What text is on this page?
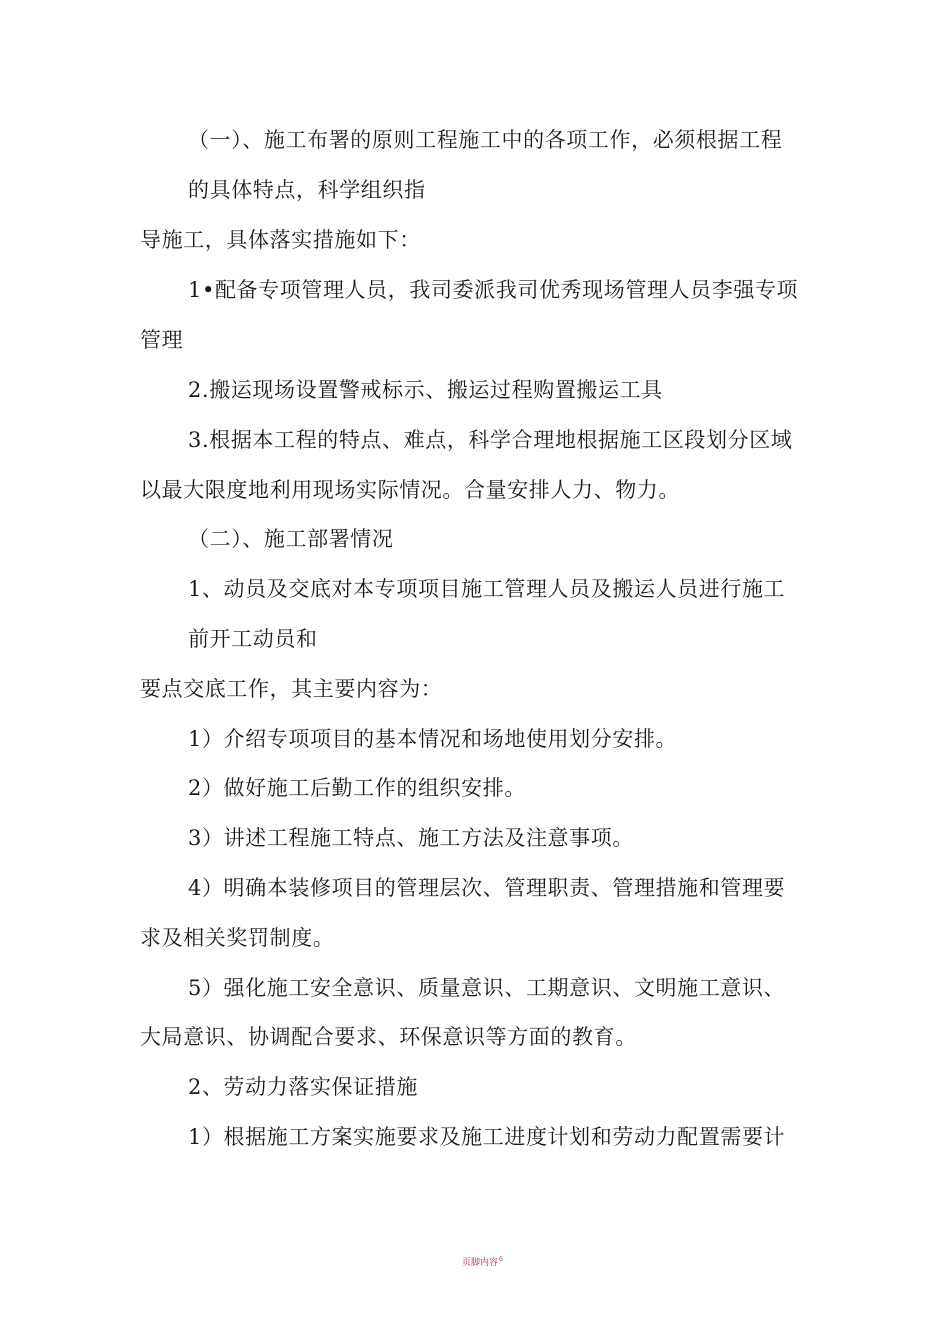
（一）、施工布署的原则工程施工中的各项工作，必须根据工程
的具体特点，科学组织指
导施工，具体落实措施如下：
1•配备专项管理人员，我司委派我司优秀现场管理人员李强专项
管理
2.搬运现场设置警戒标示、搬运过程购置搬运工具
3.根据本工程的特点、难点，科学合理地根据施工区段划分区域
以最大限度地利用现场实际情况。合量安排人力、物力。
（二）、施工部署情况
1、动员及交底对本专项项目施工管理人员及搬运人员进行施工
前开工动员和
要点交底工作，其主要内容为：
1）介绍专项项目的基本情况和场地使用划分安排。
2）做好施工后勤工作的组织安排。
3）讲述工程施工特点、施工方法及注意事项。
4）明确本装修项目的管理层次、管理职责、管理措施和管理要
求及相关奖罚制度。
5）强化施工安全意识、质量意识、工期意识、文明施工意识、
大局意识、协调配合要求、环保意识等方面的教育。
2、劳动力落实保证措施
1）根据施工方案实施要求及施工进度计划和劳动力配置需要计
页脚内容$^6$
